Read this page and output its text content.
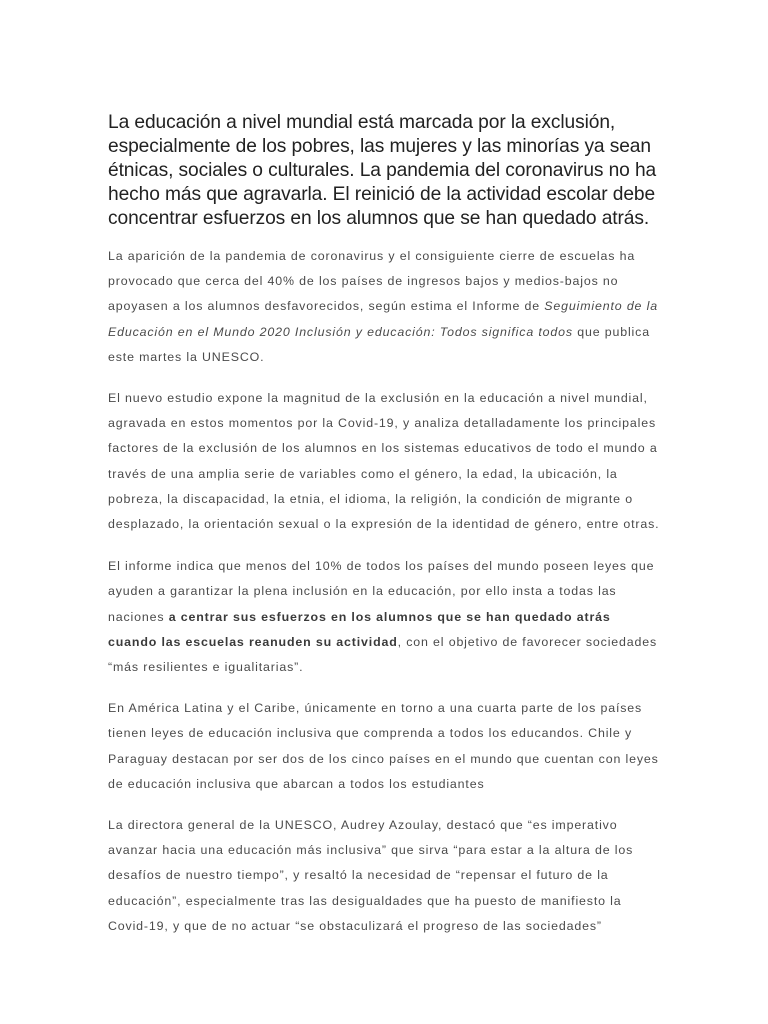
La educación a nivel mundial está marcada por la exclusión, especialmente de los pobres, las mujeres y las minorías ya sean étnicas, sociales o culturales. La pandemia del coronavirus no ha hecho más que agravarla. El reinició de la actividad escolar debe concentrar esfuerzos en los alumnos que se han quedado atrás.

La aparición de la pandemia de coronavirus y el consiguiente cierre de escuelas ha provocado que cerca del 40% de los países de ingresos bajos y medios-bajos no apoyasen a los alumnos desfavorecidos, según estima el Informe de Seguimiento de la Educación en el Mundo 2020 Inclusión y educación: Todos significa todos que publica este martes la UNESCO.

El nuevo estudio expone la magnitud de la exclusión en la educación a nivel mundial, agravada en estos momentos por la Covid-19, y analiza detalladamente los principales factores de la exclusión de los alumnos en los sistemas educativos de todo el mundo a través de una amplia serie de variables como el género, la edad, la ubicación, la pobreza, la discapacidad, la etnia, el idioma, la religión, la condición de migrante o desplazado, la orientación sexual o la expresión de la identidad de género, entre otras.

El informe indica que menos del 10% de todos los países del mundo poseen leyes que ayuden a garantizar la plena inclusión en la educación, por ello insta a todas las naciones a centrar sus esfuerzos en los alumnos que se han quedado atrás cuando las escuelas reanuden su actividad, con el objetivo de favorecer sociedades “más resilientes e igualitarias”.

En América Latina y el Caribe, únicamente en torno a una cuarta parte de los países tienen leyes de educación inclusiva que comprenda a todos los educandos. Chile y Paraguay destacan por ser dos de los cinco países en el mundo que cuentan con leyes de educación inclusiva que abarcan a todos los estudiantes

La directora general de la UNESCO, Audrey Azoulay, destacó que “es imperativo avanzar hacia una educación más inclusiva” que sirva “para estar a la altura de los desafíos de nuestro tiempo”, y resaltó la necesidad de “repensar el futuro de la educación”, especialmente tras las desigualdades que ha puesto de manifiesto la Covid-19, y que de no actuar “se obstaculizará el progreso de las sociedades”
